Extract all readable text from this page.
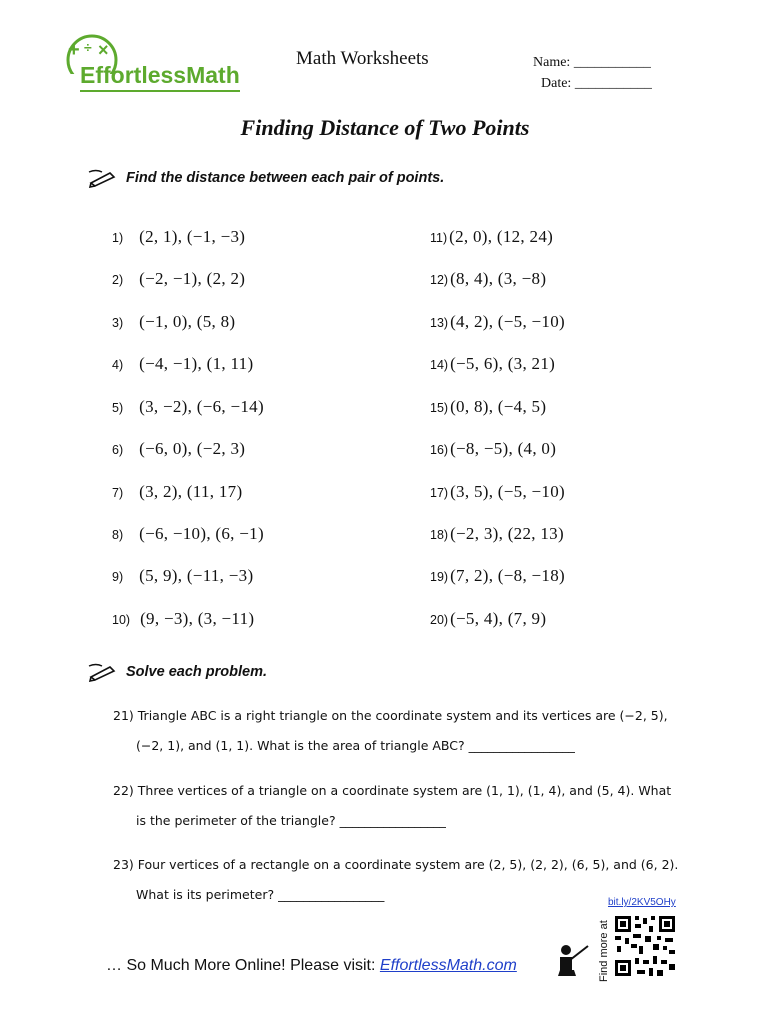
+ ÷ ×
EffortlessMath
Math Worksheets	Name: ___________
Date: ___________
Finding Distance of Two Points
Find the distance between each pair of points.
1) (2, 1), (−1, −3)
2) (−2, −1), (2, 2)
3) (−1, 0), (5, 8)
4) (−4, −1), (1, 11)
5) (3, −2), (−6, −14)
6) (−6, 0), (−2, 3)
7) (3, 2), (11, 17)
8) (−6, −10), (6, −1)
9) (5, 9), (−11, −3)
10) (9, −3), (3, −11)
11) (2, 0), (12, 24)
12) (8, 4), (3, −8)
13) (4, 2), (−5, −10)
14) (−5, 6), (3, 21)
15) (0, 8), (−4, 5)
16) (−8, −5), (4, 0)
17) (3, 5), (−5, −10)
18) (−2, 3), (22, 13)
19) (7, 2), (−8, −18)
20) (−5, 4), (7, 9)
Solve each problem.
21) Triangle ABC is a right triangle on the coordinate system and its vertices are (−2, 5),
(−2, 1), and (1, 1). What is the area of triangle ABC? _________________
22) Three vertices of a triangle on a coordinate system are (1, 1), (1, 4), and (5, 4). What
is the perimeter of the triangle? _________________
23) Four vertices of a rectangle on a coordinate system are (2, 5), (2, 2), (6, 5), and (6, 2).
What is its perimeter? _________________
… So Much More Online! Please visit: EffortlessMath.com	Find more at
bit.ly/2KV5OHy
